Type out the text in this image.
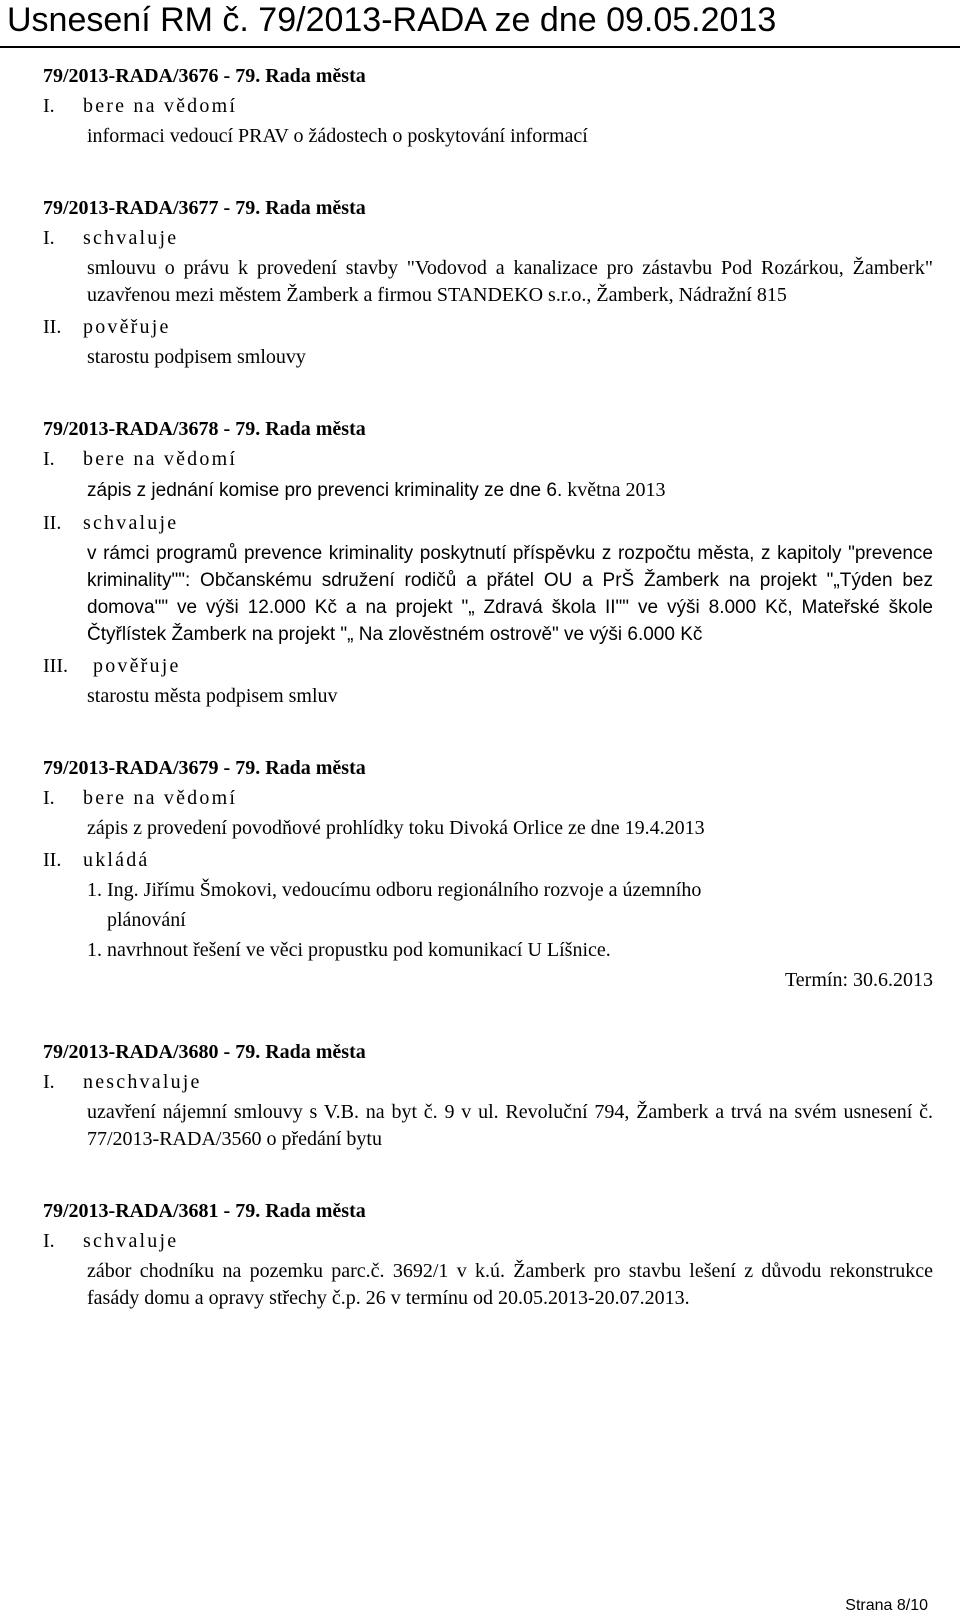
Usnesení RM č. 79/2013-RADA ze dne 09.05.2013
79/2013-RADA/3676 - 79. Rada města
I.	bere na vědomí
informaci vedoucí PRAV o žádostech o poskytování informací
79/2013-RADA/3677 - 79. Rada města
I.	schvaluje
smlouvu o právu k provedení stavby "Vodovod a kanalizace pro zástavbu Pod Rozárkou, Žamberk" uzavřenou mezi městem Žamberk a firmou STANDEKO s.r.o., Žamberk, Nádražní 815
II.	pověřuje
starostu podpisem smlouvy
79/2013-RADA/3678 - 79. Rada města
I.	bere na vědomí
zápis z jednání komise pro prevenci kriminality ze dne 6. května 2013
II.	schvaluje
v rámci programů prevence kriminality poskytnutí příspěvku z rozpočtu města, z kapitoly "prevence kriminality"": Občanskému sdružení rodičů a přátel OU a PrŠ Žamberk na projekt "„Týden bez domova"" ve výši 12.000 Kč a na projekt "„ Zdravá škola II"" ve výši 8.000 Kč, Mateřské škole Čtyřlístek Žamberk na projekt "„ Na zlověstném ostrově" ve výši 6.000 Kč
III.	pověřuje
starostu města podpisem smluv
79/2013-RADA/3679 - 79. Rada města
I.	bere na vědomí
zápis z provedení povodňové prohlídky toku Divoká Orlice ze dne 19.4.2013
II.	ukládá
1. Ing. Jiřímu Šmokovi, vedoucímu odboru regionálního rozvoje a územního
plánování
1. navrhnout řešení ve věci propustku pod komunikací U Líšnice.
Termín: 30.6.2013
79/2013-RADA/3680 - 79. Rada města
I.	neschvaluje
uzavření nájemní smlouvy s V.B. na byt č. 9 v ul. Revoluční 794, Žamberk a trvá na svém usnesení č. 77/2013-RADA/3560 o předání bytu
79/2013-RADA/3681 - 79. Rada města
I.	schvaluje
zábor chodníku na pozemku parc.č. 3692/1 v k.ú. Žamberk pro stavbu lešení z důvodu rekonstrukce fasády domu a opravy střechy č.p. 26 v termínu od 20.05.2013-20.07.2013.
Strana 8/10
